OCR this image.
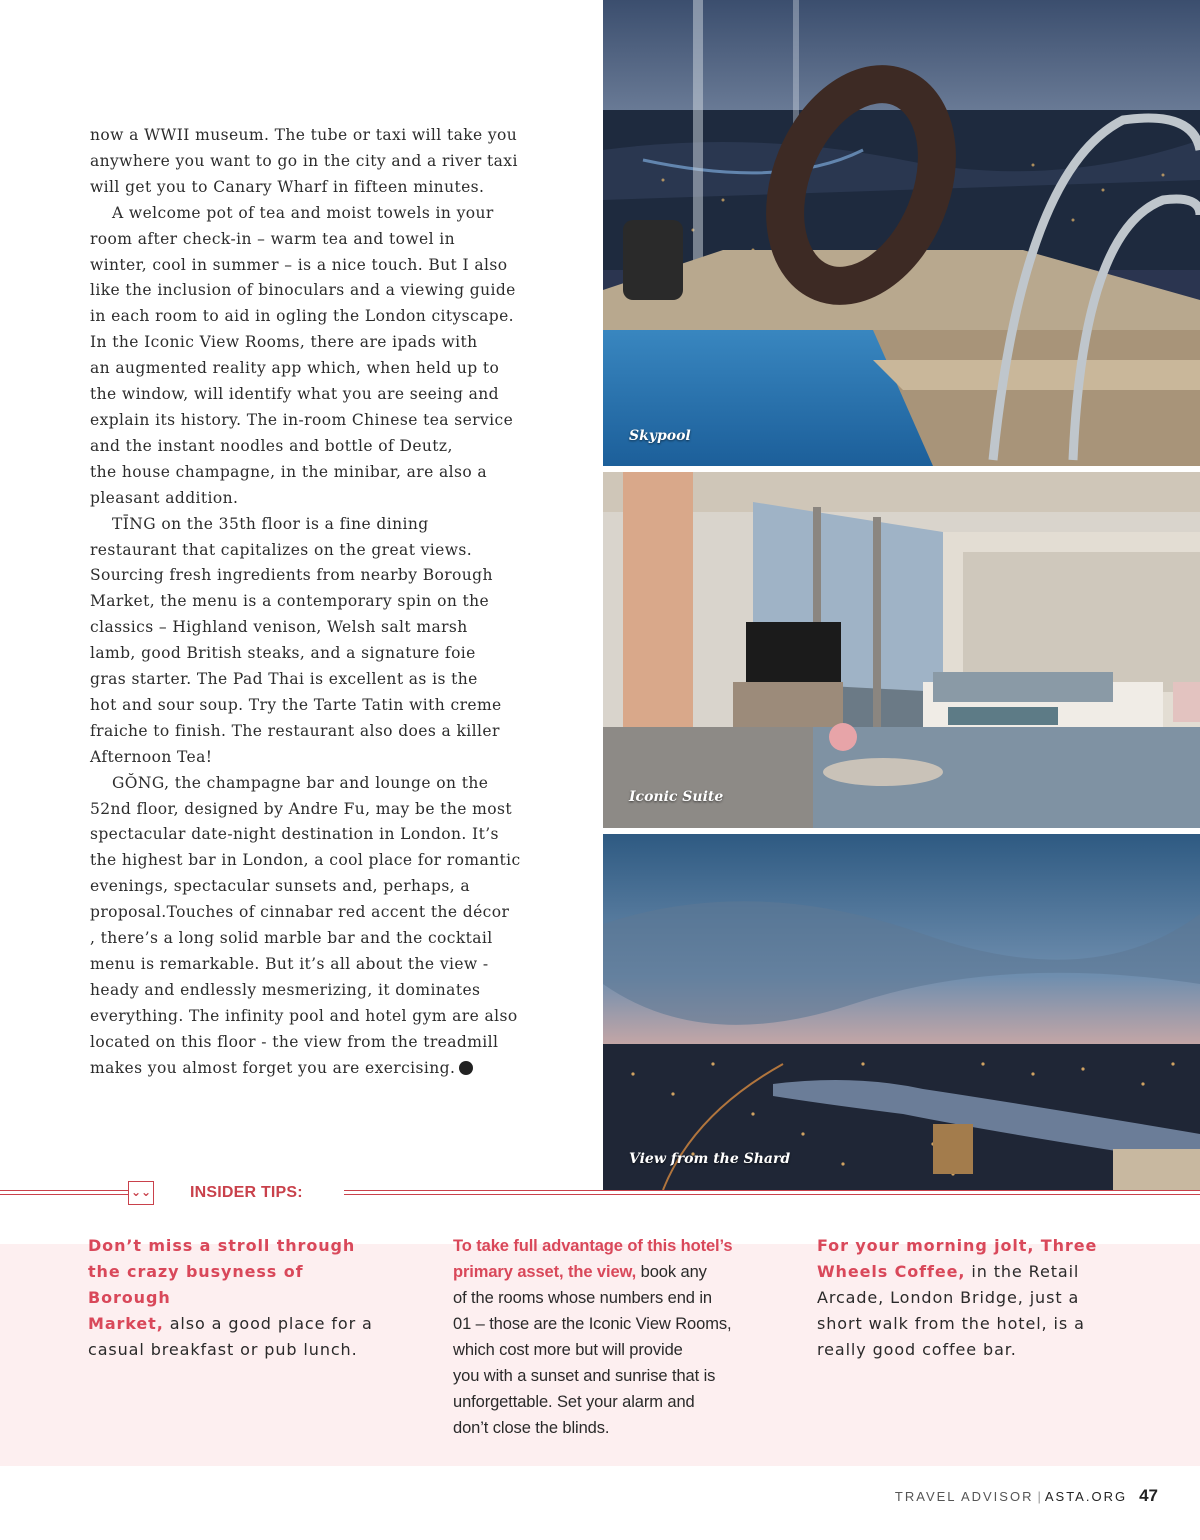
now a WWII museum. The tube or taxi will take you
anywhere you want to go in the city and a river taxi
will get you to Canary Wharf in fifteen minutes.

A welcome pot of tea and moist towels in your
room after check-in – warm tea and towel in
winter, cool in summer – is a nice touch. But I also
like the inclusion of binoculars and a viewing guide
in each room to aid in ogling the London cityscape.
In the Iconic View Rooms, there are ipads with
an augmented reality app which, when held up to
the window, will identify what you are seeing and
explain its history. The in-room Chinese tea service
and the instant noodles and bottle of Deutz,
the house champagne, in the minibar, are also a
pleasant addition.

TĪNG on the 35th floor is a fine dining
restaurant that capitalizes on the great views.
Sourcing fresh ingredients from nearby Borough
Market, the menu is a contemporary spin on the
classics – Highland venison, Welsh salt marsh
lamb, good British steaks, and a signature foie
gras starter. The Pad Thai is excellent as is the
hot and sour soup. Try the Tarte Tatin with creme
fraiche to finish. The restaurant also does a killer
Afternoon Tea!

GŎNG, the champagne bar and lounge on the
52nd floor, designed by Andre Fu, may be the most
spectacular date-night destination in London. It’s
the highest bar in London, a cool place for romantic
evenings, spectacular sunsets and, perhaps, a
proposal.Touches of cinnabar red accent the décor
, there’s a long solid marble bar and the cocktail
menu is remarkable. But it’s all about the view -
heady and endlessly mesmerizing, it dominates
everything. The infinity pool and hotel gym are also
located on this floor - the view from the treadmill
makes you almost forget you are exercising.

Skypool
Iconic Suite
View from the Shard
⌄⌄ INSIDER TIPS:
Don’t miss a stroll through
the crazy busyness of Borough
Market, also a good place for a
casual breakfast or pub lunch.
To take full advantage of this hotel’s
primary asset, the view, book any
of the rooms whose numbers end in
01 – those are the Iconic View Rooms,
which cost more but will provide
you with a sunset and sunrise that is
unforgettable. Set your alarm and
don’t close the blinds.
For your morning jolt, Three
Wheels Coffee, in the Retail
Arcade, London Bridge, just a
short walk from the hotel, is a
really good coffee bar.
TRAVEL ADVISOR | ASTA.ORG 47
